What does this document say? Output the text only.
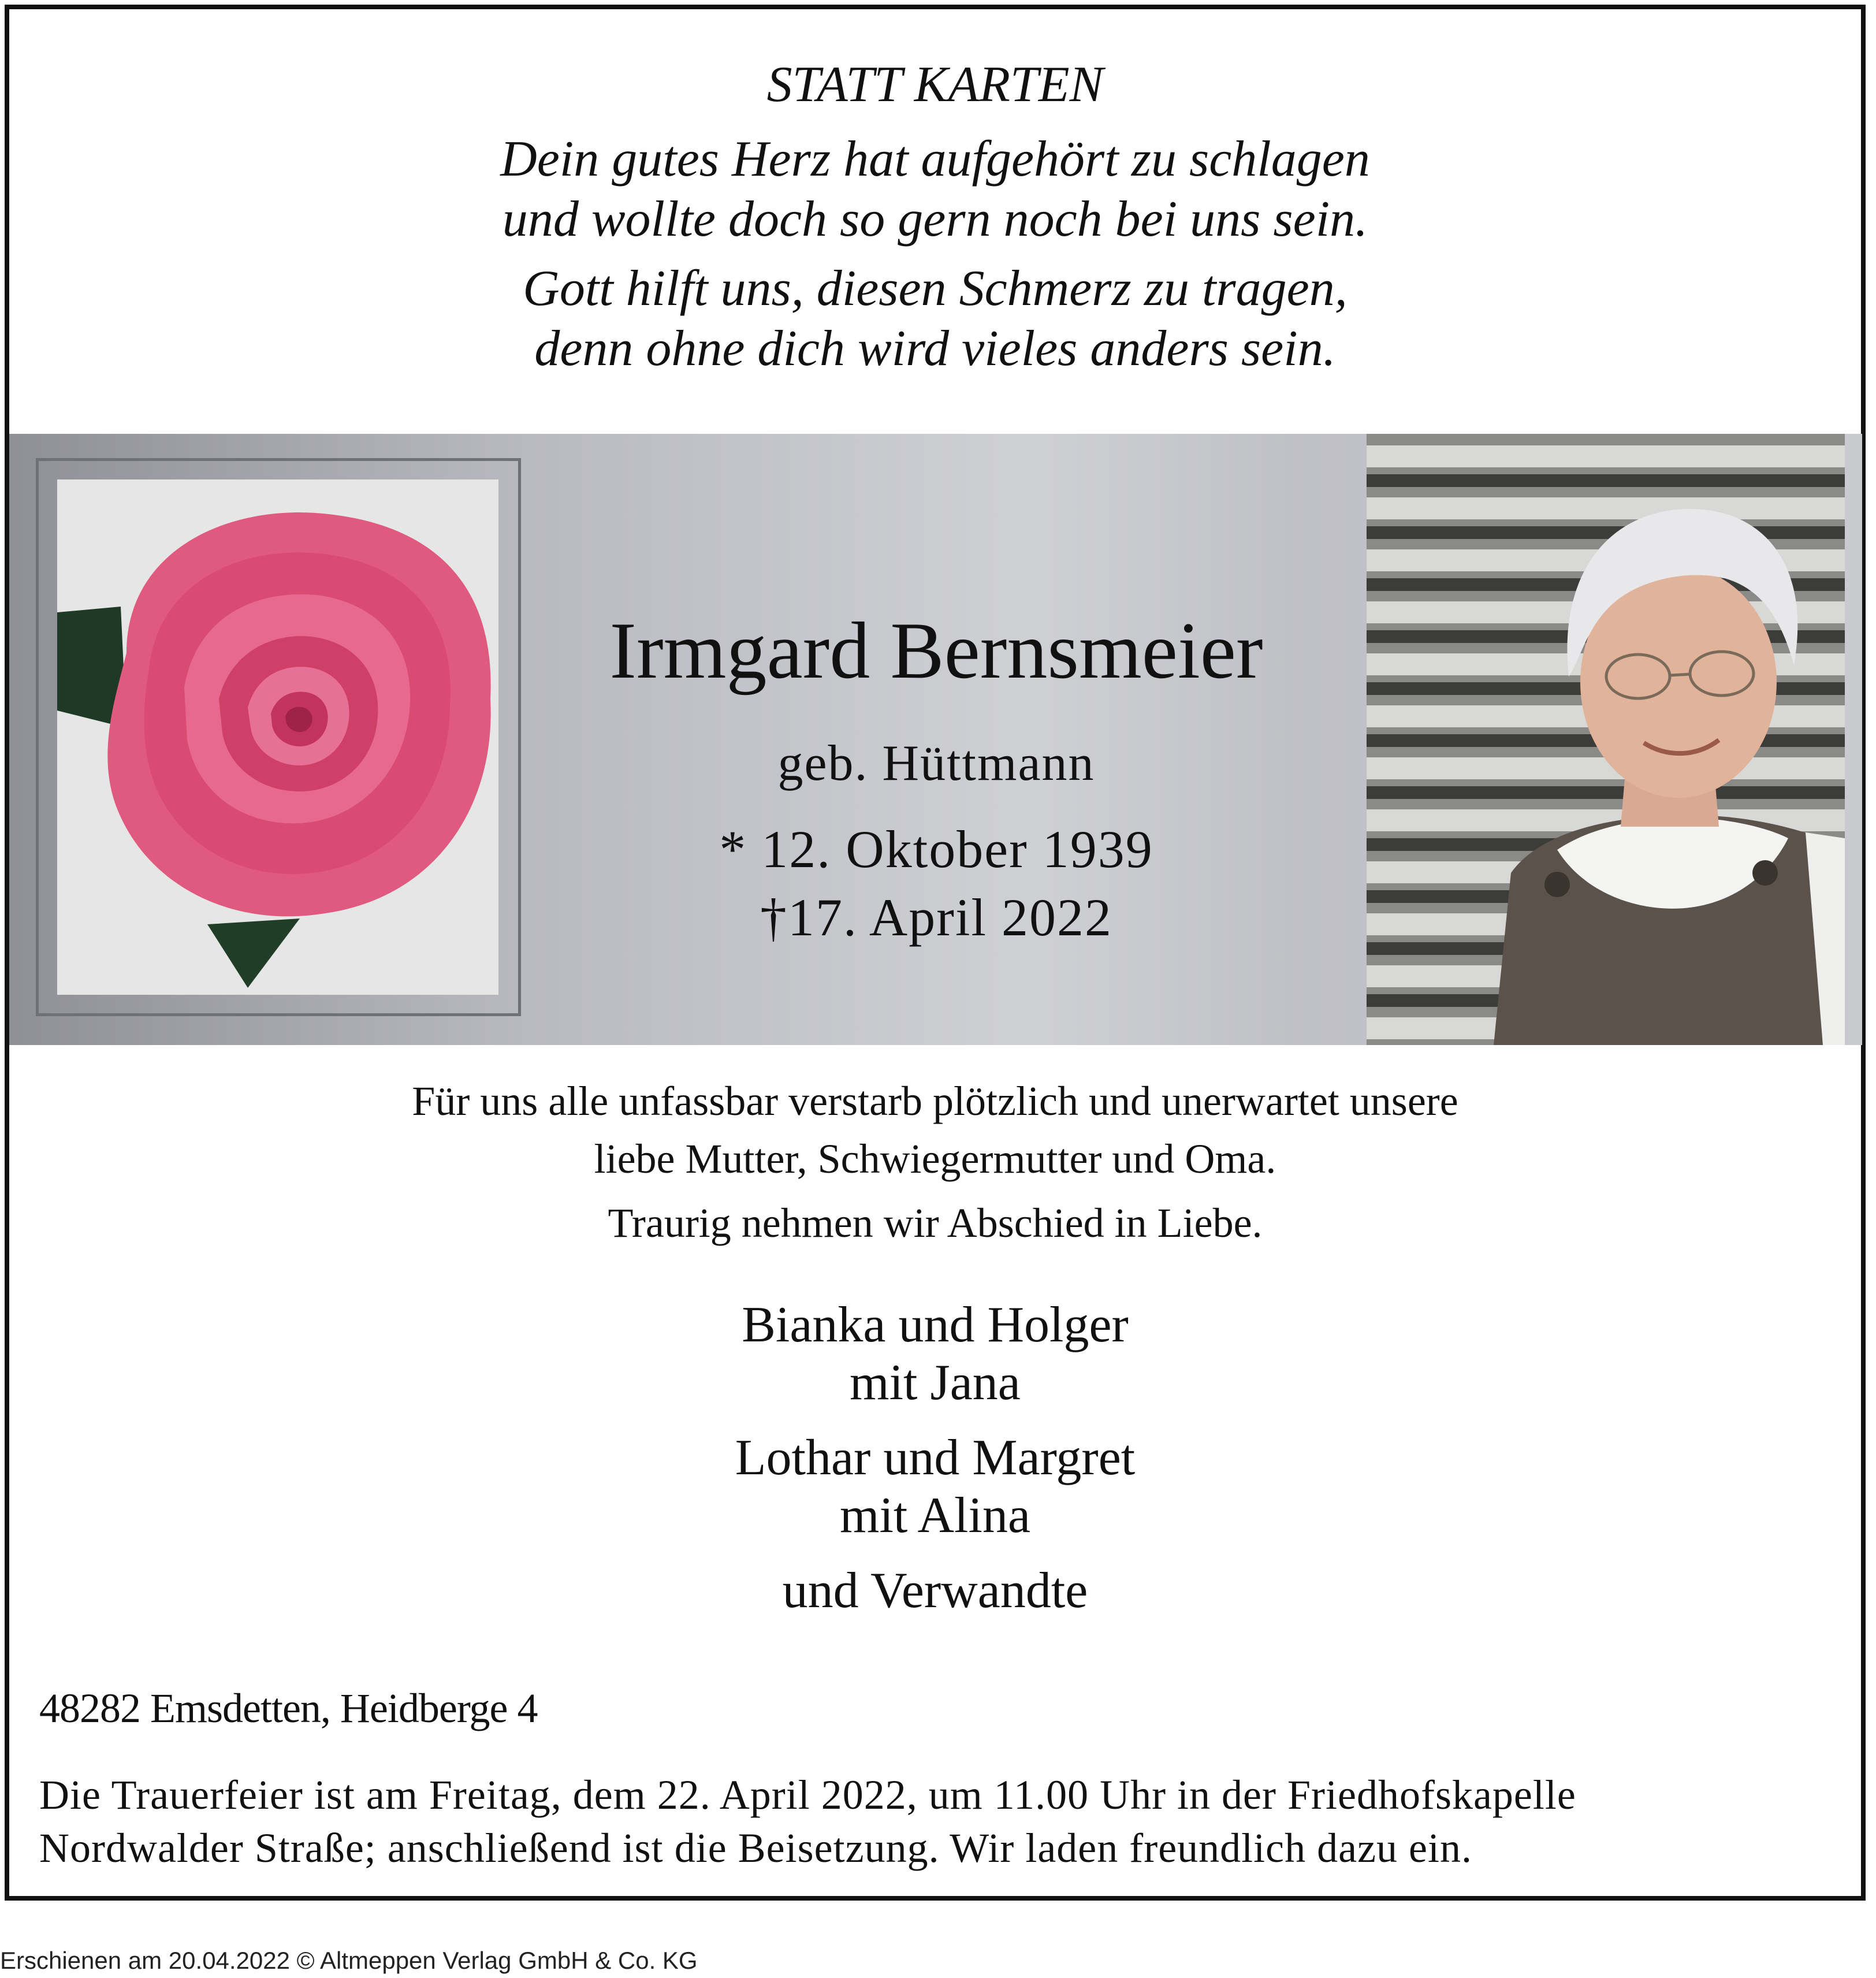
STATT KARTEN
Dein gutes Herz hat aufgehört zu schlagen
und wollte doch so gern noch bei uns sein.
Gott hilft uns, diesen Schmerz zu tragen,
denn ohne dich wird vieles anders sein.
Irmgard Bernsmeier
geb. Hüttmann
* 12. Oktober 1939
†17. April 2022
Für uns alle unfassbar verstarb plötzlich und unerwartet unsere
liebe Mutter, Schwiegermutter und Oma.
Traurig nehmen wir Abschied in Liebe.
Bianka und Holger
mit Jana
Lothar und Margret
mit Alina
und Verwandte
48282 Emsdetten, Heidberge 4
Die Trauerfeier ist am Freitag, dem 22. April 2022, um 11.00 Uhr in der Friedhofskapelle
Nordwalder Straße; anschließend ist die Beisetzung. Wir laden freundlich dazu ein.
Erschienen am 20.04.2022 © Altmeppen Verlag GmbH & Co. KG
